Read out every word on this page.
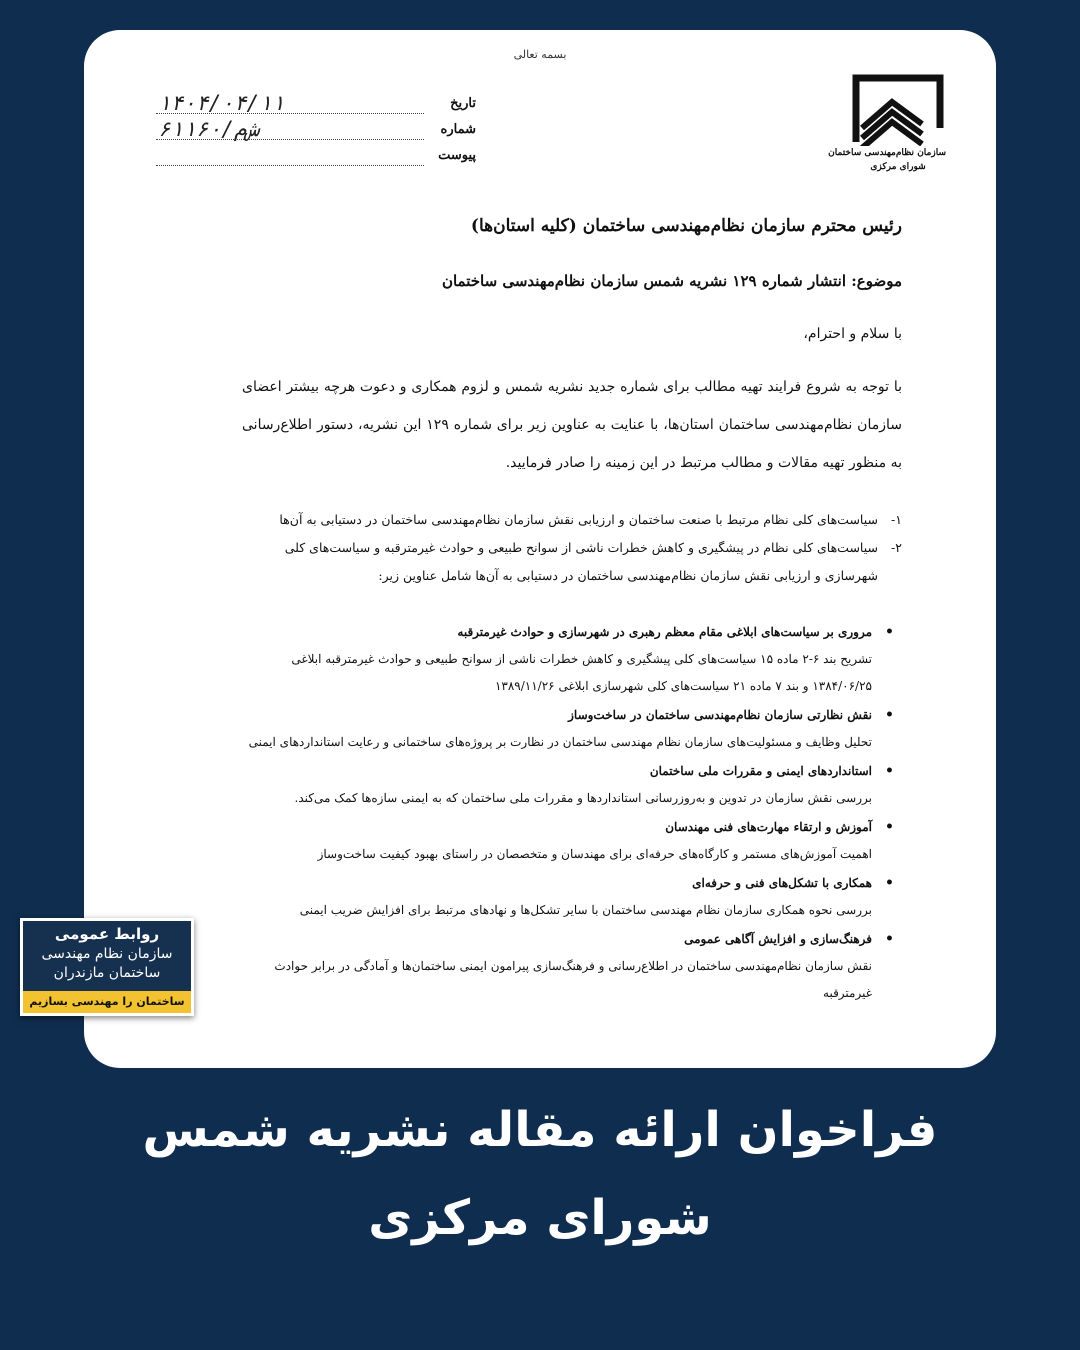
بسمه تعالی
سازمان نظام‌مهندسی ساختمان
شورای مرکزی
تاریخ
۱۴۰۴/۰۴/۱۱
شماره
۶۱۱۶۰/ش‌م
پیوست
رئیس محترم سازمان نظام‌مهندسی ساختمان (کلیه استان‌ها)
موضوع: انتشار شماره ۱۲۹ نشریه شمس سازمان نظام‌مهندسی ساختمان
با سلام و احترام،

با توجه به شروع فرایند تهیه مطالب برای شماره جدید نشریه شمس و لزوم همکاری و دعوت هرچه بیشتر اعضای سازمان نظام‌مهندسی ساختمان استان‌ها، با عنایت به عناوین زیر برای شماره ۱۲۹ این نشریه، دستور اطلاع‌رسانی به منظور تهیه مقالات و مطالب مرتبط در این زمینه را صادر فرمایید.

۱-
سیاست‌های کلی نظام مرتبط با صنعت ساختمان و ارزیابی نقش سازمان نظام‌مهندسی ساختمان در دستیابی به آن‌ها
۲-
سیاست‌های کلی نظام در پیشگیری و کاهش خطرات ناشی از سوانح طبیعی و حوادث غیرمترقبه و سیاست‌های کلی شهرسازی و ارزیابی نقش سازمان نظام‌مهندسی ساختمان در دستیابی به آن‌ها شامل عناوین زیر:
• مروری بر سیاست‌های ابلاغی مقام معظم رهبری در شهرسازی و حوادث غیرمترقبه
تشریح بند ۶-۲ ماده ۱۵ سیاست‌های کلی پیشگیری و کاهش خطرات ناشی از سوانح طبیعی و حوادث غیرمترقبه ابلاغی ۱۳۸۴/۰۶/۲۵ و بند ۷ ماده ۲۱ سیاست‌های کلی شهرسازی ابلاغی ۱۳۸۹/۱۱/۲۶
• نقش نظارتی سازمان نظام‌مهندسی ساختمان در ساخت‌وساز
تحلیل وظایف و مسئولیت‌های سازمان نظام مهندسی ساختمان در نظارت بر پروژه‌های ساختمانی و رعایت استانداردهای ایمنی
• استانداردهای ایمنی و مقررات ملی ساختمان
بررسی نقش سازمان در تدوین و به‌روزرسانی استانداردها و مقررات ملی ساختمان که به ایمنی سازه‌ها کمک می‌کند.
• آموزش و ارتقاء مهارت‌های فنی مهندسان
اهمیت آموزش‌های مستمر و کارگاه‌های حرفه‌ای برای مهندسان و متخصصان در راستای بهبود کیفیت ساخت‌وساز
• همکاری با تشکل‌های فنی و حرفه‌ای
بررسی نحوه همکاری سازمان نظام مهندسی ساختمان با سایر تشکل‌ها و نهادهای مرتبط برای افزایش ضریب ایمنی
• فرهنگ‌سازی و افزایش آگاهی عمومی
نقش سازمان نظام‌مهندسی ساختمان در اطلاع‌رسانی و فرهنگ‌سازی پیرامون ایمنی ساختمان‌ها و آمادگی در برابر حوادث غیرمترقبه
روابط عمومی
سازمان نظام مهندسی
ساختمان مازندران
ساختمان را مهندسی بسازیم
فراخوان ارائه مقاله نشریه شمس
شورای مرکزی
